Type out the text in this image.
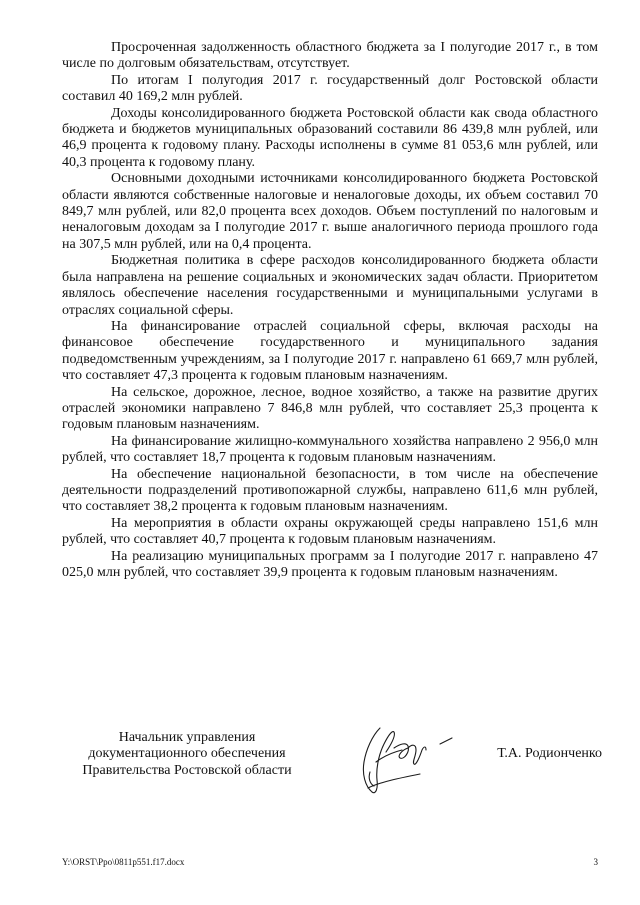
Просроченная задолженность областного бюджета за I полугодие 2017 г., в том числе по долговым обязательствам, отсутствует.

По итогам I полугодия 2017 г. государственный долг Ростовской области составил 40 169,2 млн рублей.

Доходы консолидированного бюджета Ростовской области как свода областного бюджета и бюджетов муниципальных образований составили 86 439,8 млн рублей, или 46,9 процента к годовому плану. Расходы исполнены в сумме 81 053,6 млн рублей, или 40,3 процента к годовому плану.

Основными доходными источниками консолидированного бюджета Ростовской области являются собственные налоговые и неналоговые доходы, их объем составил 70 849,7 млн рублей, или 82,0 процента всех доходов. Объем поступлений по налоговым и неналоговым доходам за I полугодие 2017 г. выше аналогичного периода прошлого года на 307,5 млн рублей, или на 0,4 процента.

Бюджетная политика в сфере расходов консолидированного бюджета области была направлена на решение социальных и экономических задач области. Приоритетом являлось обеспечение населения государственными и муниципальными услугами в отраслях социальной сферы.

На финансирование отраслей социальной сферы, включая расходы на финансовое обеспечение государственного и муниципального задания подведомственным учреждениям, за I полугодие 2017 г. направлено 61 669,7 млн рублей, что составляет 47,3 процента к годовым плановым назначениям.

На сельское, дорожное, лесное, водное хозяйство, а также на развитие других отраслей экономики направлено 7 846,8 млн рублей, что составляет 25,3 процента к годовым плановым назначениям.

На финансирование жилищно-коммунального хозяйства направлено 2 956,0 млн рублей, что составляет 18,7 процента к годовым плановым назначениям.

На обеспечение национальной безопасности, в том числе на обеспечение деятельности подразделений противопожарной службы, направлено 611,6 млн рублей, что составляет 38,2 процента к годовым плановым назначениям.

На мероприятия в области охраны окружающей среды направлено 151,6 млн рублей, что составляет 40,7 процента к годовым плановым назначениям.

На реализацию муниципальных программ за I полугодие 2017 г. направлено 47 025,0 млн рублей, что составляет 39,9 процента к годовым плановым назначениям.

Начальник управления
документационного обеспечения
Правительства Ростовской области
Т.А. Родионченко
Y:\ORST\Ppo\0811p551.f17.docx	3
